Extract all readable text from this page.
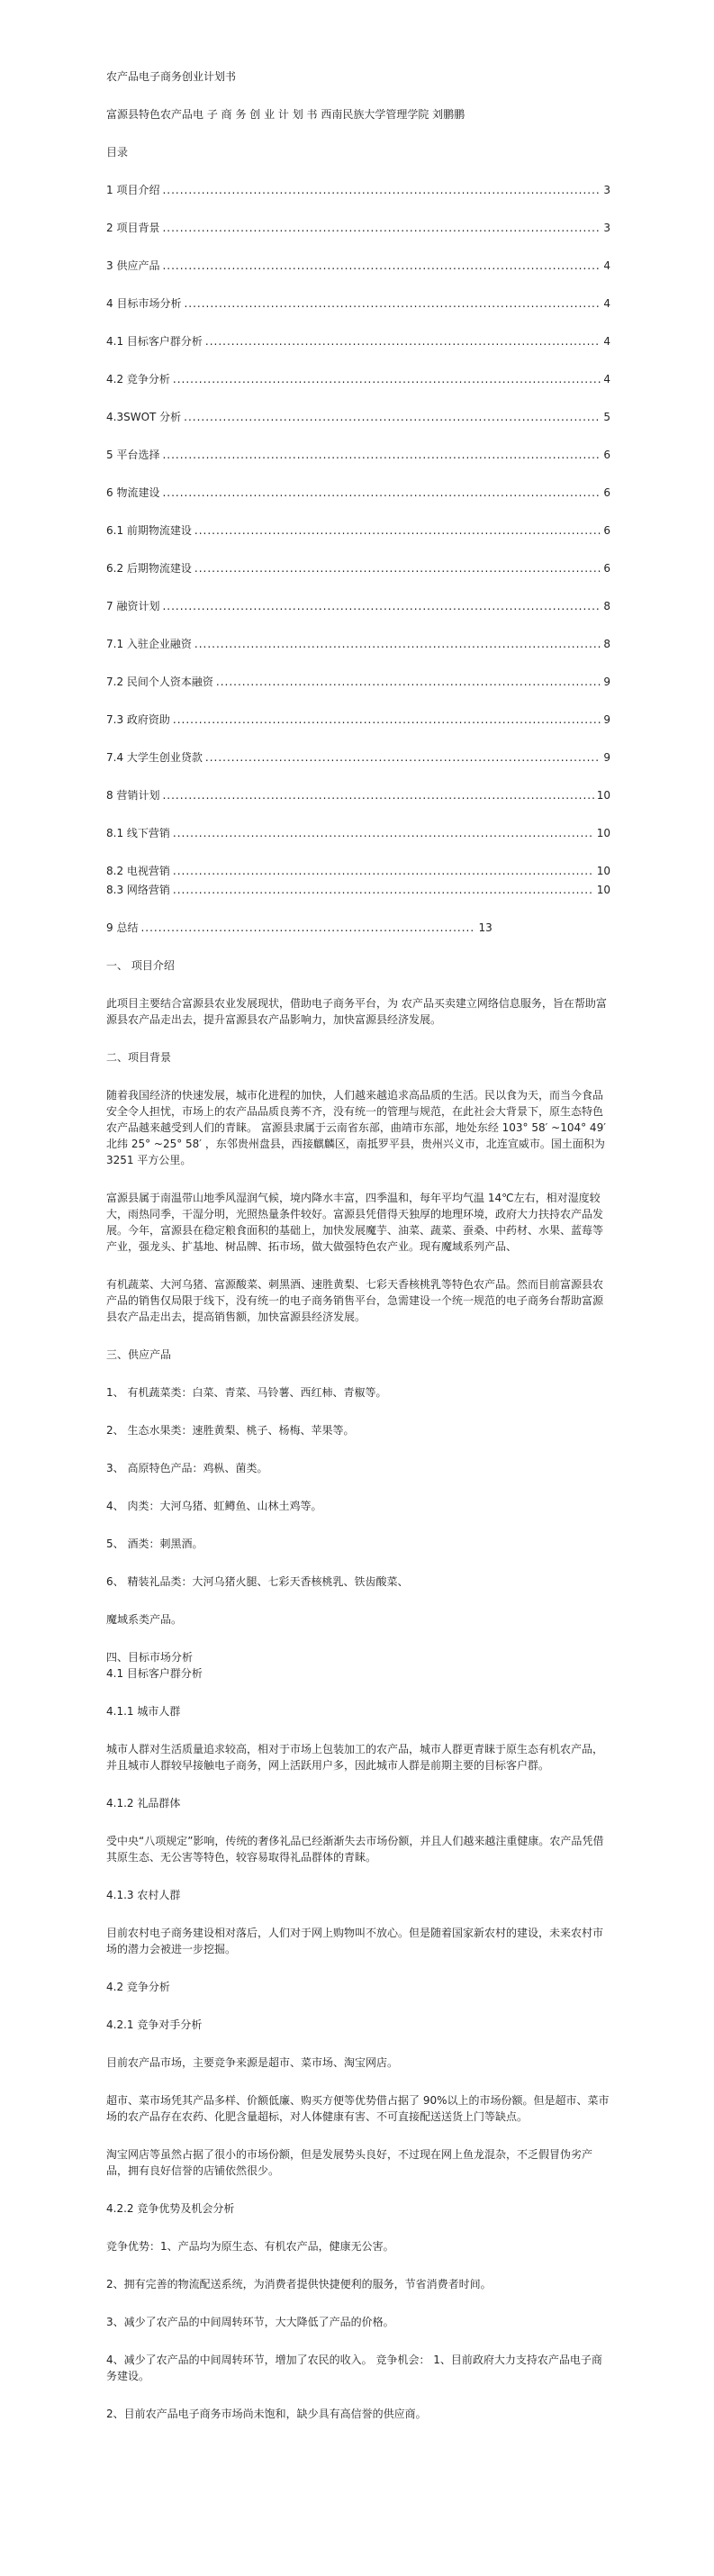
农产品电子商务创业计划书
富源县特色农产品电 子 商 务 创 业 计 划 书 西南民族大学管理学院 刘鹏鹏
目录
1 项目介绍 .....	3
2 项目背景 .....	3
3 供应产品 .....	4
4 目标市场分析 .....	4
4.1 目标客户群分析 .....	4
4.2 竞争分析 .....	4
4.3SWOT 分析 .....	5
5 平台选择 .....	6
6 物流建设 .....	6
6.1 前期物流建设 .....	6
6.2 后期物流建设 .....	6
7 融资计划 .....	8
7.1 入驻企业融资 .....	8
7.2 民间个人资本融资 .....	9
7.3 政府资助 .....	9
7.4 大学生创业贷款 .....	9
8 营销计划 .....	10
8.1 线下营销 .....	10
8.2 电视营销 .....	10
8.3 网络营销 .....	10
9 总结 .....	13
一、 项目介绍

此项目主要结合富源县农业发展现状，借助电子商务平台，为 农产品买卖建立网络信息服务，旨在帮助富源县农产品走出去，提升富源县农产品影响力，加快富源县经济发展。

二、项目背景

随着我国经济的快速发展，城市化进程的加快，人们越来越追求高品质的生活。民以食为天，而当今食品安全令人担忧，市场上的农产品品质良莠不齐，没有统一的管理与规范，在此社会大背景下，原生态特色农产品越来越受到人们的青睐。 富源县隶属于云南省东部，曲靖市东部，地处东经 103° 58′ ~104° 49′ 北纬 25° ~25° 58′ ，东邻贵州盘县，西接麒麟区，南抵罗平县，贵州兴义市，北连宣威市。国土面积为 3251 平方公里。

富源县属于南温带山地季风湿润气候，境内降水丰富，四季温和，每年平均气温 14℃左右，相对湿度较大，雨热同季，干湿分明，光照热量条件较好。富源县凭借得天独厚的地理环境，政府大力扶持农产品发展。今年，富源县在稳定粮食面积的基础上，加快发展魔芋、油菜、蔬菜、蚕桑、中药材、水果、蓝莓等产业，强龙头、扩基地、树品牌、拓市场，做大做强特色农产业。现有魔域系列产品、

有机蔬菜、大河乌猪、富源酸菜、刺黑酒、速胜黄梨、七彩天香核桃乳等特色农产品。然而目前富源县农产品的销售仅局限于线下，没有统一的电子商务销售平台，急需建设一个统一规范的电子商务台帮助富源县农产品走出去，提高销售额，加快富源县经济发展。

三、供应产品
1、 有机蔬菜类：白菜、青菜、马铃薯、西红柿、青椒等。
2、 生态水果类：速胜黄梨、桃子、杨梅、苹果等。
3、 高原特色产品：鸡枞、菌类。
4、 肉类：大河乌猪、虹鳟鱼、山林土鸡等。
5、 酒类：刺黑酒。
6、 精装礼品类：大河乌猪火腿、七彩天香核桃乳、铁齿酸菜、
魔域系类产品。
四、目标市场分析
4.1 目标客户群分析
4.1.1 城市人群

城市人群对生活质量追求较高，相对于市场上包装加工的农产品，城市人群更青睐于原生态有机农产品，并且城市人群较早接触电子商务，网上活跃用户多，因此城市人群是前期主要的目标客户群。

4.1.2 礼品群体

受中央“八项规定”影响，传统的奢侈礼品已经渐渐失去市场份额，并且人们越来越注重健康。农产品凭借其原生态、无公害等特色，较容易取得礼品群体的青睐。

4.1.3 农村人群

目前农村电子商务建设相对落后，人们对于网上购物叫不放心。但是随着国家新农村的建设，未来农村市场的潜力会被进一步挖掘。

4.2 竞争分析
4.2.1 竞争对手分析

目前农产品市场，主要竞争来源是超市、菜市场、淘宝网店。

超市、菜市场凭其产品多样、价额低廉、购买方便等优势借占据了 90%以上的市场份额。但是超市、菜市场的农产品存在农药、化肥含量超标，对人体健康有害、不可直接配送送货上门等缺点。

淘宝网店等虽然占据了很小的市场份额，但是发展势头良好，不过现在网上鱼龙混杂，不乏假冒伪劣产品，拥有良好信誉的店铺依然很少。

4.2.2 竞争优势及机会分析

竞争优势：1、产品均为原生态、有机农产品，健康无公害。

2、拥有完善的物流配送系统，为消费者提供快捷便利的服务，节省消费者时间。

3、减少了农产品的中间周转环节，大大降低了产品的价格。

4、减少了农产品的中间周转环节，增加了农民的收入。 竞争机会： 1、目前政府大力支持农产品电子商务建设。

2、目前农产品电子商务市场尚未饱和，缺少具有高信誉的供应商。
